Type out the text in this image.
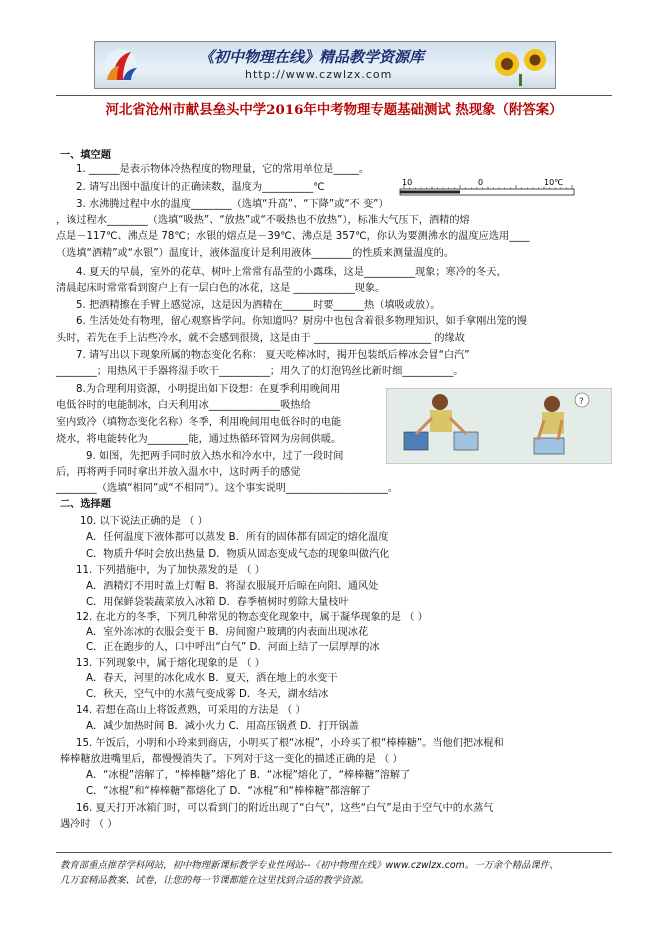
《初中物理在线》精品教学资源库
http://www.czwlzx.com
河北省沧州市献县垒头中学2016年中考物理专题基础测试 热现象（附答案）
10	0	10℃
?
一、填空题
1. ______是表示物体冷热程度的物理量，它的常用单位是_____。
2. 请写出图中温度计的正确读数，温度为__________℃
3. 水沸腾过程中水的温度________（选填“升高”、“下降”或“不 变”）
，该过程水________（选填“吸热”、“放热”或“不吸热也不放热”），标准大气压下，酒精的熔
点是－117℃、沸点是 78℃；水银的熔点是－39℃、沸点是 357℃，你认为要测沸水的温度应选用____
（选填“酒精”或“水银”）温度计，液体温度计是利用液体________的性质来测量温度的。
4. 夏天的早晨，室外的花草、树叶上常常有晶莹的小露珠，这是__________现象；寒冷的冬天，
清晨起床时常常看到窗户上有一层白色的冰花，这是 ____________现象。
5. 把酒精擦在手臂上感觉凉，这是因为酒精在______时要______热（填吸或放）。
6. 生活处处有物理，留心观察皆学问。你知道吗？厨房中也包含着很多物理知识，如手拿刚出笼的馒
头时，若先在手上沾些冷水，就不会感到很烫，这是由于 _______________________ 的缘故
7. 请写出以下现象所属的物态变化名称： 夏天吃棒冰时，揭开包装纸后棒冰会冒“白汽”
________；用热风干手器将湿手吹干__________；用久了的灯泡钨丝比新时细__________。
8.为合理利用资源，小明提出如下设想：在夏季利用晚间用
电低谷时的电能制冰，白天利用冰______________吸热给
室内致冷（填物态变化名称）冬季，利用晚间用电低谷时的电能
烧水，将电能转化为________能，通过热循环管网为房间供暖。
9. 如图，先把两手同时放入热水和冷水中，过了一段时间
后，再将两手同时拿出并放入温水中，这时两手的感觉
________（选填“相同”或“不相同”）。这个事实说明____________________。
二、选择题
10. 以下说法正确的是 （ ）
A．任何温度下液体都可以蒸发 B．所有的固体都有固定的熔化温度
C．物质升华时会放出热量 D．物质从固态变成气态的现象叫做汽化
11. 下列措施中，为了加快蒸发的是 （ ）
A．酒精灯不用时盖上灯帽 B．将湿衣服展开后晾在向阳、通风处
C．用保鲜袋装蔬菜放入冰箱 D．春季植树时剪除大量枝叶
12. 在北方的冬季，下列几种常见的物态变化现象中，属于凝华现象的是 （ ）
A．室外冻冰的衣服会变干 B．房间窗户玻璃的内表面出现冰花
C．正在跑步的人，口中呼出“白气” D．河面上结了一层厚厚的冰
13. 下列现象中，属于熔化现象的是 （ ）
A．春天，河里的冰化成水 B．夏天，洒在地上的水变干
C．秋天，空气中的水蒸气变成雾 D．冬天，湖水结冰
14. 若想在高山上将饭煮熟，可采用的方法是 （ ）
A．减少加热时间 B．减小火力 C．用高压锅煮 D．打开锅盖
15. 午饭后，小明和小玲来到商店，小明买了根“冰棍”，小玲买了根“棒棒糖”。当他们把冰棍和
棒棒糖放进嘴里后，都慢慢消失了。下列对于这一变化的描述正确的是 （ ）
A．“冰棍”溶解了，“棒棒糖”熔化了 B．“冰棍”熔化了，“棒棒糖”溶解了
C．“冰棍”和“棒棒糖”都熔化了 D．“冰棍”和“棒棒糖”都溶解了
16. 夏天打开冰箱门时，可以看到门的附近出现了“白气”，这些“白气”是由于空气中的水蒸气
遇冷时 （ ）
教育部重点推荐学科网站，初中物理新课标教学专业性网站--《初中物理在线》www.czwlzx.com。一万余个精品课件、
几万套精品教案、试卷，让您的每一节课都能在这里找到合适的教学资源。
